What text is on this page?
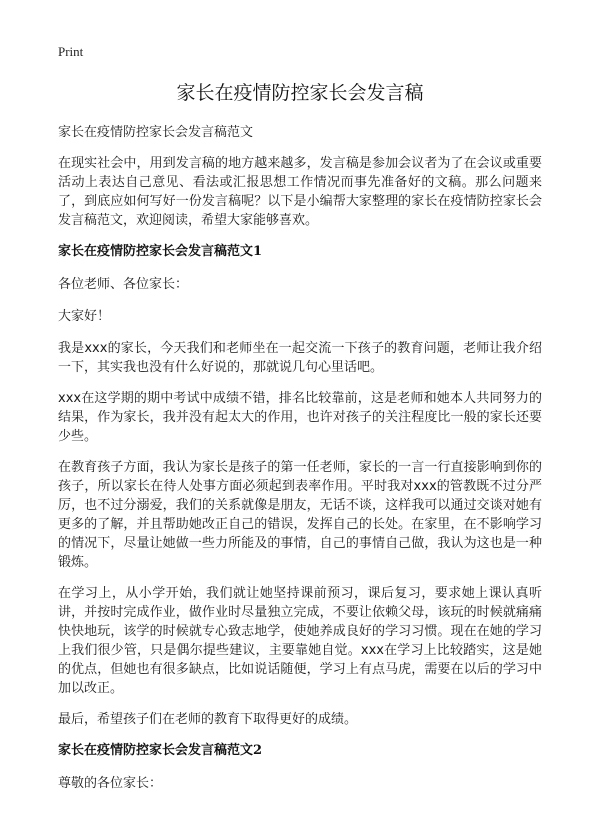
Print
家长在疫情防控家长会发言稿
家长在疫情防控家长会发言稿范文
在现实社会中，用到发言稿的地方越来越多，发言稿是参加会议者为了在会议或重要活动上表达自己意见、看法或汇报思想工作情况而事先准备好的文稿。那么问题来了，到底应如何写好一份发言稿呢？以下是小编帮大家整理的家长在疫情防控家长会发言稿范文，欢迎阅读，希望大家能够喜欢。
家长在疫情防控家长会发言稿范文1
各位老师、各位家长：
大家好！
我是xxx的家长，今天我们和老师坐在一起交流一下孩子的教育问题，老师让我介绍一下，其实我也没有什么好说的，那就说几句心里话吧。
xxx在这学期的期中考试中成绩不错，排名比较靠前，这是老师和她本人共同努力的结果，作为家长，我并没有起太大的作用，也许对孩子的关注程度比一般的家长还要少些。
在教育孩子方面，我认为家长是孩子的第一任老师，家长的一言一行直接影响到你的孩子，所以家长在待人处事方面必须起到表率作用。平时我对xxx的管教既不过分严厉，也不过分溺爱，我们的关系就像是朋友，无话不谈，这样我可以通过交谈对她有更多的了解，并且帮助她改正自己的错误，发挥自己的长处。在家里，在不影响学习的情况下，尽量让她做一些力所能及的事情，自己的事情自己做，我认为这也是一种锻炼。
在学习上，从小学开始，我们就让她坚持课前预习，课后复习，要求她上课认真听讲，并按时完成作业，做作业时尽量独立完成，不要让依赖父母，该玩的时候就痛痛快快地玩，该学的时候就专心致志地学，使她养成良好的学习习惯。现在在她的学习上我们很少管，只是偶尔提些建议，主要靠她自觉。xxx在学习上比较踏实，这是她的优点，但她也有很多缺点，比如说话随便，学习上有点马虎，需要在以后的学习中加以改正。
最后，希望孩子们在老师的教育下取得更好的成绩。
家长在疫情防控家长会发言稿范文2
尊敬的各位家长：
